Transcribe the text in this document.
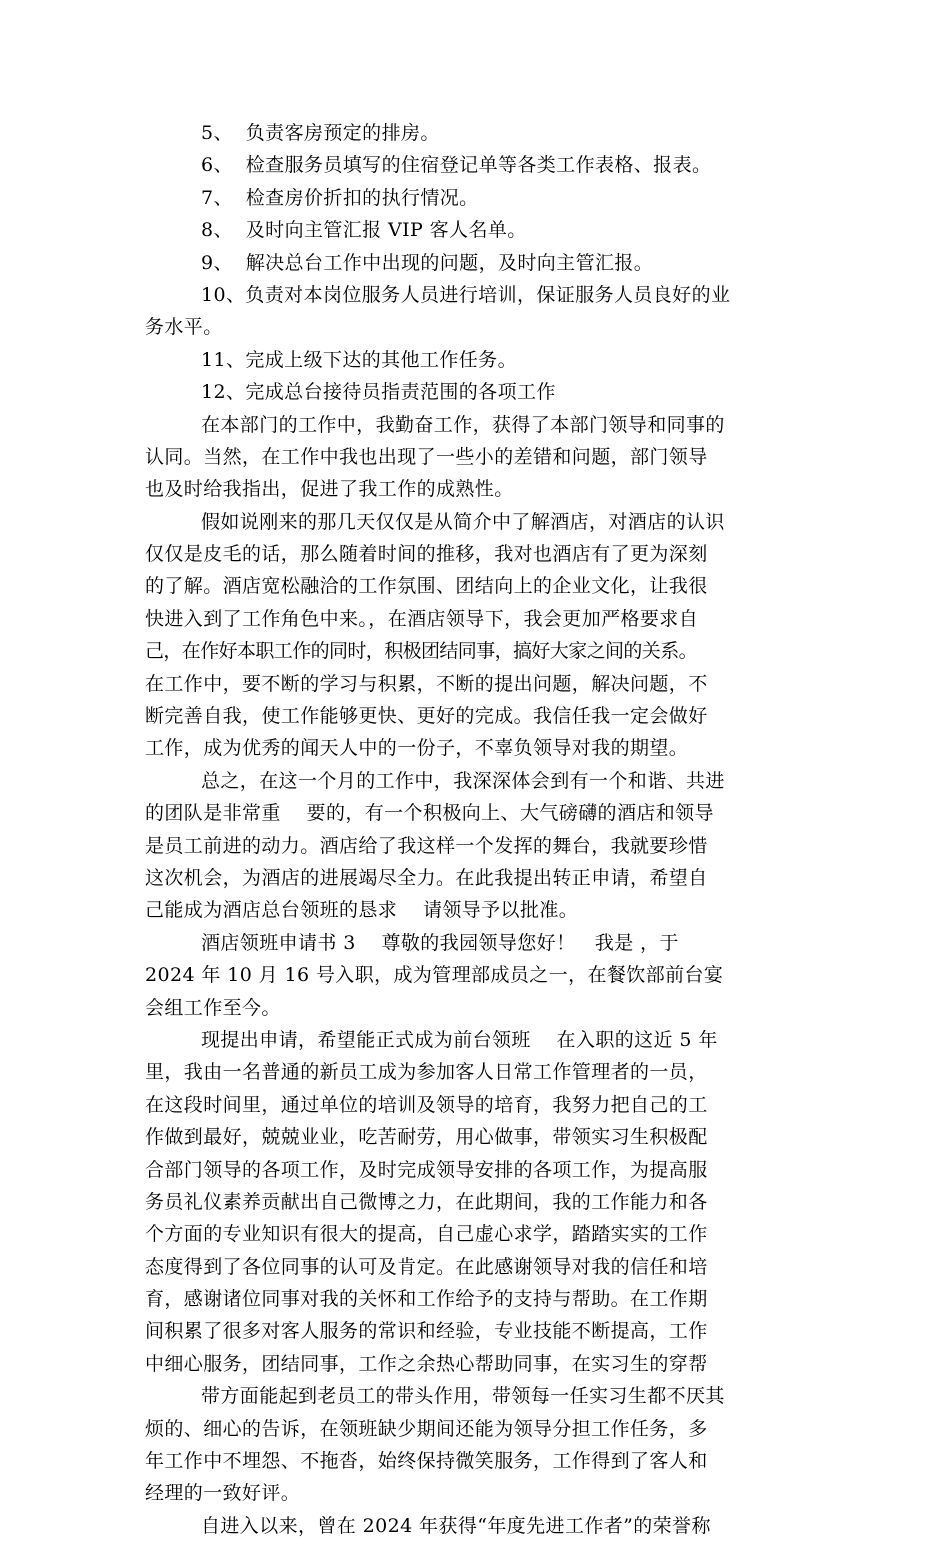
5、  负责客房预定的排房。
6、  检查服务员填写的住宿登记单等各类工作表格、报表。
7、  检查房价折扣的执行情况。
8、  及时向主管汇报 VIP 客人名单。
9、  解决总台工作中出现的问题，及时向主管汇报。
10、负责对本岗位服务人员进行培训，保证服务人员良好的业
务水平。
11、完成上级下达的其他工作任务。
12、完成总台接待员指责范围的各项工作
在本部门的工作中，我勤奋工作，获得了本部门领导和同事的
认同。当然，在工作中我也出现了一些小的差错和问题，部门领导
也及时给我指出，促进了我工作的成熟性。
假如说刚来的那几天仅仅是从简介中了解酒店，对酒店的认识
仅仅是皮毛的话，那么随着时间的推移，我对也酒店有了更为深刻
的了解。酒店宽松融洽的工作氛围、团结向上的企业文化，让我很
快进入到了工作角色中来。，在酒店领导下，我会更加严格要求自
己，在作好本职工作的同时，积极团结同事，搞好大家之间的关系。
在工作中，要不断的学习与积累，不断的提出问题，解决问题，不
断完善自我，使工作能够更快、更好的完成。我信任我一定会做好
工作，成为优秀的闻天人中的一份子，不辜负领导对我的期望。
总之，在这一个月的工作中，我深深体会到有一个和谐、共进
的团队是非常重    要的，有一个积极向上、大气磅礴的酒店和领导
是员工前进的动力。酒店给了我这样一个发挥的舞台，我就要珍惜
这次机会，为酒店的进展竭尽全力。在此我提出转正申请，希望自
己能成为酒店总台领班的恳求    请领导予以批准。
酒店领班申请书 3    尊敬的我园领导您好！   我是 ，于
2024 年 10 月 16 号入职，成为管理部成员之一，在餐饮部前台宴
会组工作至今。
现提出申请，希望能正式成为前台领班    在入职的这近 5 年
里，我由一名普通的新员工成为参加客人日常工作管理者的一员，
在这段时间里，通过单位的培训及领导的培育，我努力把自己的工
作做到最好，兢兢业业，吃苦耐劳，用心做事，带领实习生积极配
合部门领导的各项工作，及时完成领导安排的各项工作，为提高服
务员礼仪素养贡献出自己微博之力，在此期间，我的工作能力和各
个方面的专业知识有很大的提高，自己虚心求学，踏踏实实的工作
态度得到了各位同事的认可及肯定。在此感谢领导对我的信任和培
育，感谢诸位同事对我的关怀和工作给予的支持与帮助。在工作期
间积累了很多对客人服务的常识和经验，专业技能不断提高，工作
中细心服务，团结同事，工作之余热心帮助同事，在实习生的穿帮
带方面能起到老员工的带头作用，带领每一任实习生都不厌其
烦的、细心的告诉，在领班缺少期间还能为领导分担工作任务，多
年工作中不埋怨、不拖沓，始终保持微笑服务，工作得到了客人和
经理的一致好评。
自进入以来，曾在 2024 年获得“年度先进工作者”的荣誉称
